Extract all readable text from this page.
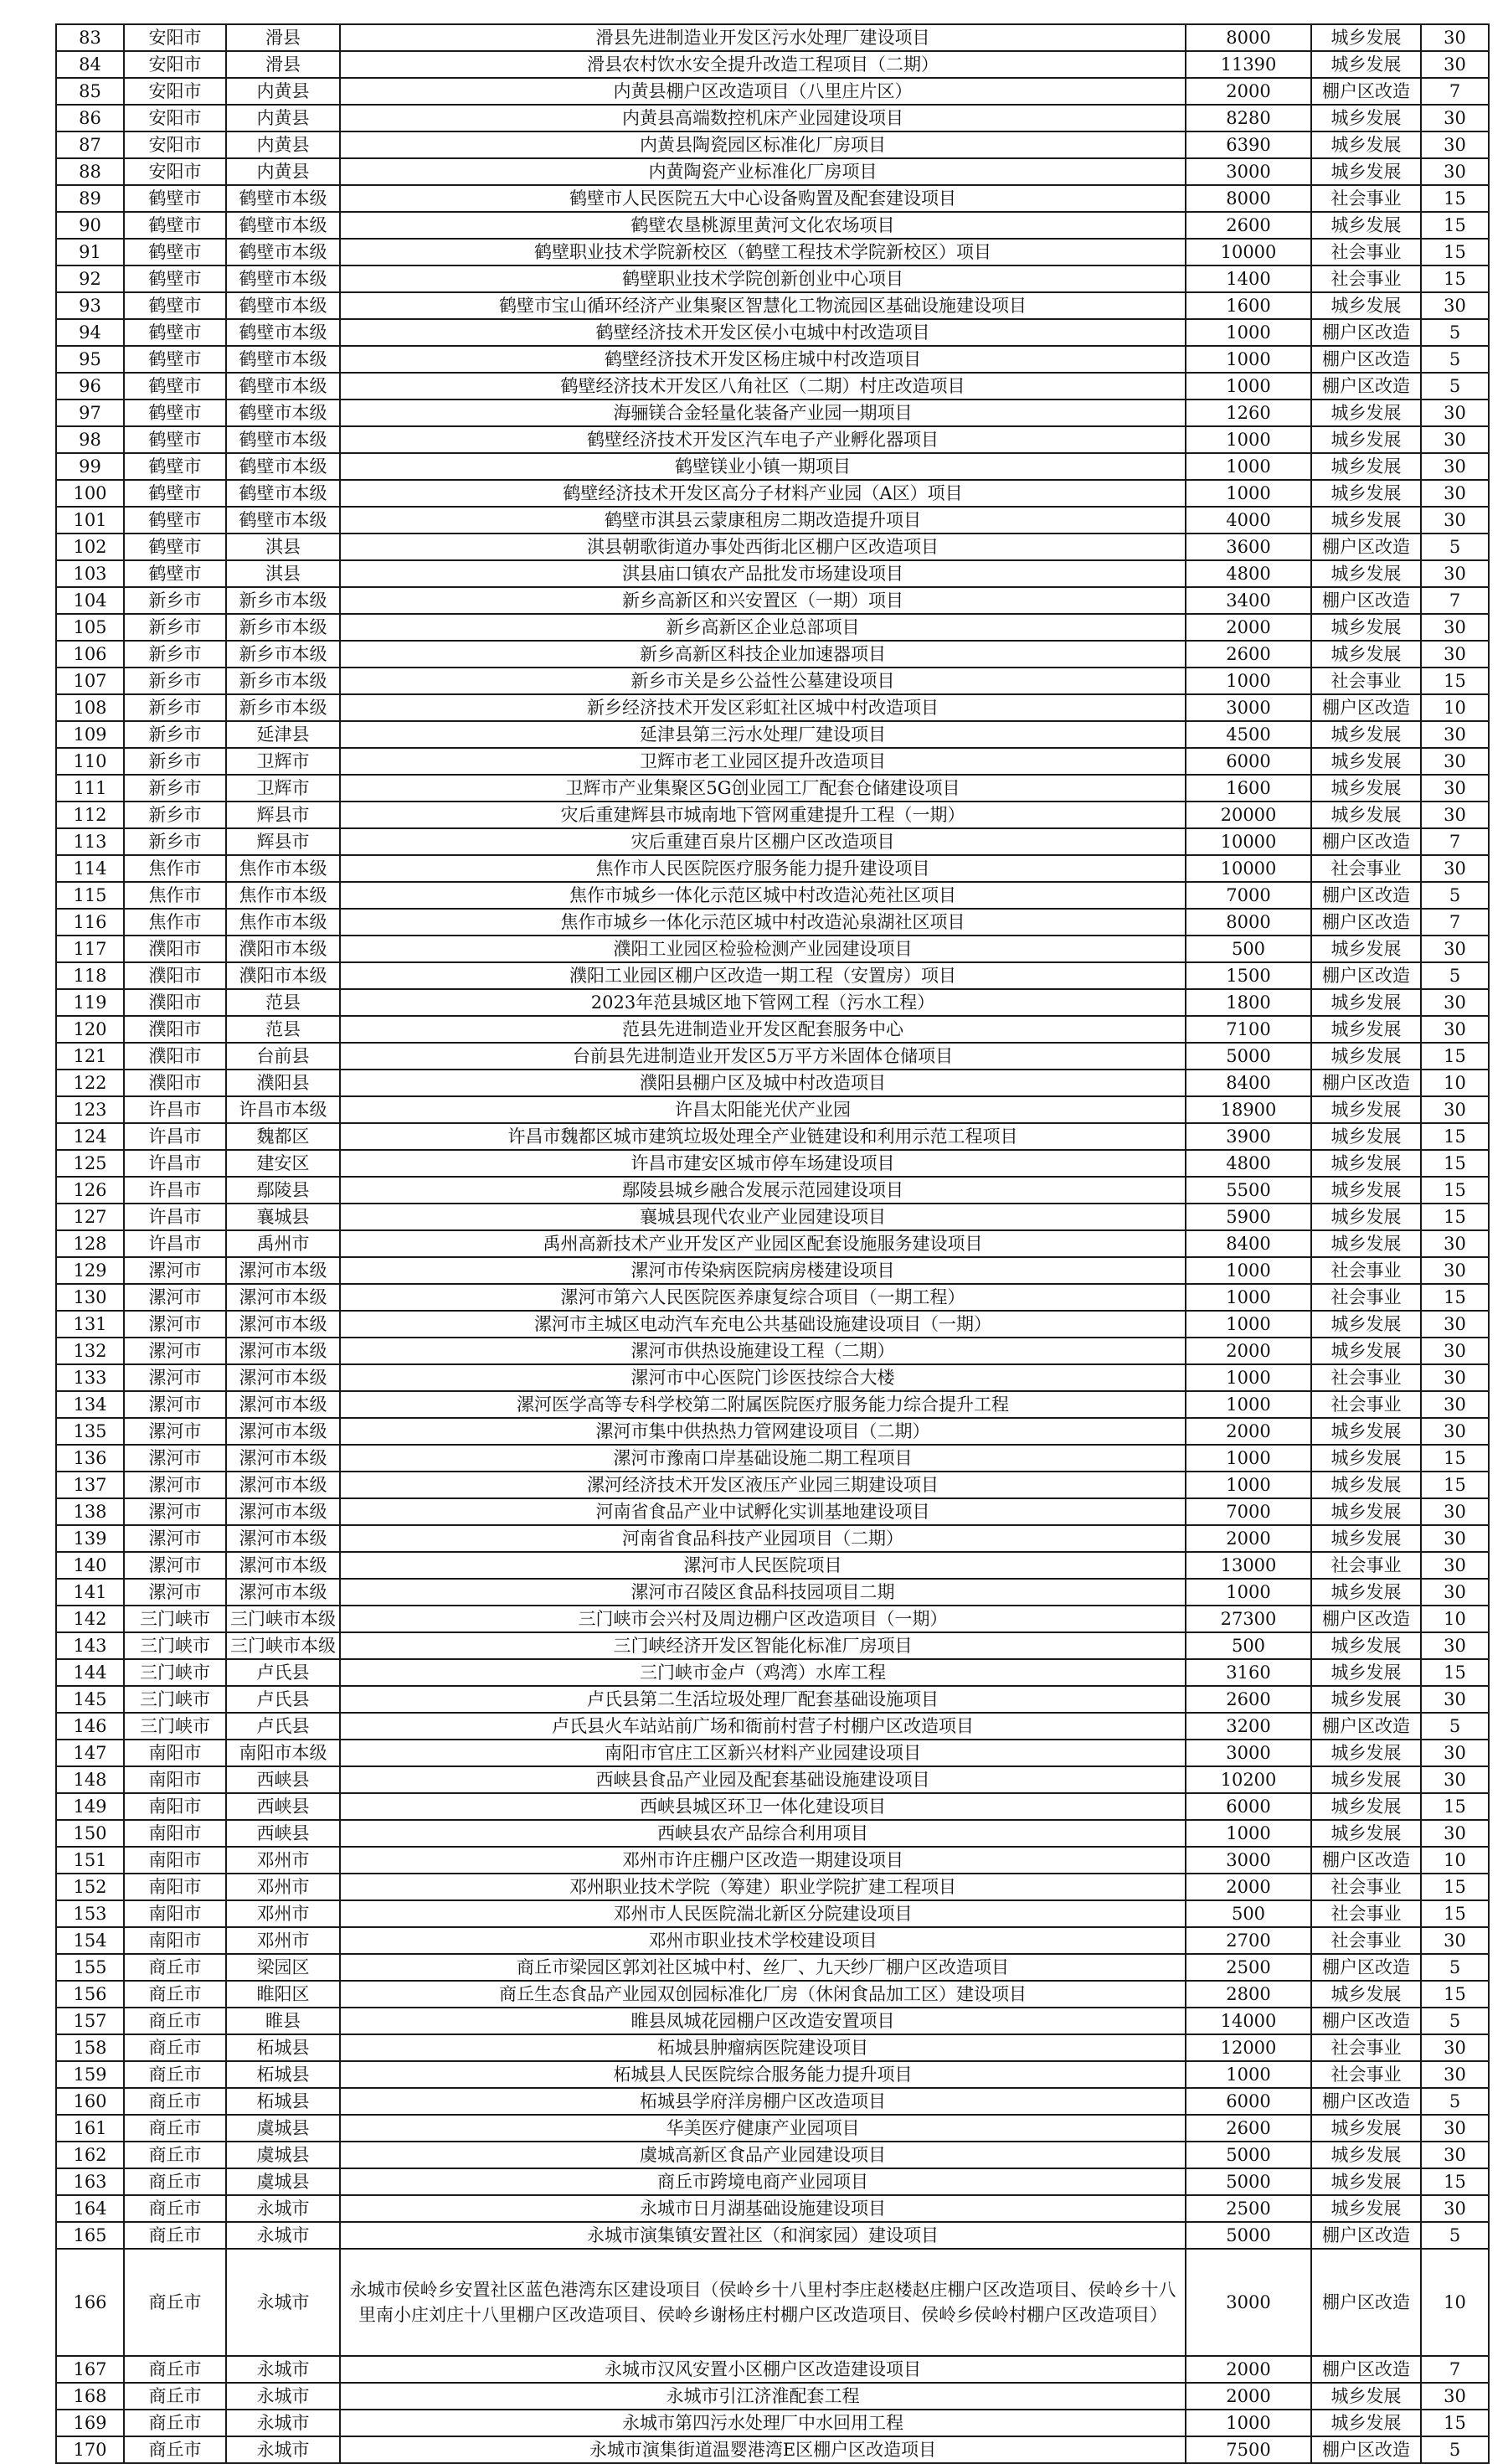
83	安阳市	滑县	滑县先进制造业开发区污水处理厂建设项目	8000	城乡发展	30
84	安阳市	滑县	滑县农村饮水安全提升改造工程项目（二期）	11390	城乡发展	30
85	安阳市	内黄县	内黄县棚户区改造项目（八里庄片区）	2000	棚户区改造	7
86	安阳市	内黄县	内黄县高端数控机床产业园建设项目	8280	城乡发展	30
87	安阳市	内黄县	内黄县陶瓷园区标准化厂房项目	6390	城乡发展	30
88	安阳市	内黄县	内黄陶瓷产业标准化厂房项目	3000	城乡发展	30
89	鹤壁市	鹤壁市本级	鹤壁市人民医院五大中心设备购置及配套建设项目	8000	社会事业	15
90	鹤壁市	鹤壁市本级	鹤壁农垦桃源里黄河文化农场项目	2600	城乡发展	15
91	鹤壁市	鹤壁市本级	鹤壁职业技术学院新校区（鹤壁工程技术学院新校区）项目	10000	社会事业	15
92	鹤壁市	鹤壁市本级	鹤壁职业技术学院创新创业中心项目	1400	社会事业	15
93	鹤壁市	鹤壁市本级	鹤壁市宝山循环经济产业集聚区智慧化工物流园区基础设施建设项目	1600	城乡发展	30
94	鹤壁市	鹤壁市本级	鹤壁经济技术开发区侯小屯城中村改造项目	1000	棚户区改造	5
95	鹤壁市	鹤壁市本级	鹤壁经济技术开发区杨庄城中村改造项目	1000	棚户区改造	5
96	鹤壁市	鹤壁市本级	鹤壁经济技术开发区八角社区（二期）村庄改造项目	1000	棚户区改造	5
97	鹤壁市	鹤壁市本级	海骊镁合金轻量化装备产业园一期项目	1260	城乡发展	30
98	鹤壁市	鹤壁市本级	鹤壁经济技术开发区汽车电子产业孵化器项目	1000	城乡发展	30
99	鹤壁市	鹤壁市本级	鹤壁镁业小镇一期项目	1000	城乡发展	30
100	鹤壁市	鹤壁市本级	鹤壁经济技术开发区高分子材料产业园（A区）项目	1000	城乡发展	30
101	鹤壁市	鹤壁市本级	鹤壁市淇县云蒙康租房二期改造提升项目	4000	城乡发展	30
102	鹤壁市	淇县	淇县朝歌街道办事处西街北区棚户区改造项目	3600	棚户区改造	5
103	鹤壁市	淇县	淇县庙口镇农产品批发市场建设项目	4800	城乡发展	30
104	新乡市	新乡市本级	新乡高新区和兴安置区（一期）项目	3400	棚户区改造	7
105	新乡市	新乡市本级	新乡高新区企业总部项目	2000	城乡发展	30
106	新乡市	新乡市本级	新乡高新区科技企业加速器项目	2600	城乡发展	30
107	新乡市	新乡市本级	新乡市关是乡公益性公墓建设项目	1000	社会事业	15
108	新乡市	新乡市本级	新乡经济技术开发区彩虹社区城中村改造项目	3000	棚户区改造	10
109	新乡市	延津县	延津县第三污水处理厂建设项目	4500	城乡发展	30
110	新乡市	卫辉市	卫辉市老工业园区提升改造项目	6000	城乡发展	30
111	新乡市	卫辉市	卫辉市产业集聚区5G创业园工厂配套仓储建设项目	1600	城乡发展	30
112	新乡市	辉县市	灾后重建辉县市城南地下管网重建提升工程（一期）	20000	城乡发展	30
113	新乡市	辉县市	灾后重建百泉片区棚户区改造项目	10000	棚户区改造	7
114	焦作市	焦作市本级	焦作市人民医院医疗服务能力提升建设项目	10000	社会事业	30
115	焦作市	焦作市本级	焦作市城乡一体化示范区城中村改造沁苑社区项目	7000	棚户区改造	5
116	焦作市	焦作市本级	焦作市城乡一体化示范区城中村改造沁泉湖社区项目	8000	棚户区改造	7
117	濮阳市	濮阳市本级	濮阳工业园区检验检测产业园建设项目	500	城乡发展	30
118	濮阳市	濮阳市本级	濮阳工业园区棚户区改造一期工程（安置房）项目	1500	棚户区改造	5
119	濮阳市	范县	2023年范县城区地下管网工程（污水工程）	1800	城乡发展	30
120	濮阳市	范县	范县先进制造业开发区配套服务中心	7100	城乡发展	30
121	濮阳市	台前县	台前县先进制造业开发区5万平方米固体仓储项目	5000	城乡发展	15
122	濮阳市	濮阳县	濮阳县棚户区及城中村改造项目	8400	棚户区改造	10
123	许昌市	许昌市本级	许昌太阳能光伏产业园	18900	城乡发展	30
124	许昌市	魏都区	许昌市魏都区城市建筑垃圾处理全产业链建设和利用示范工程项目	3900	城乡发展	15
125	许昌市	建安区	许昌市建安区城市停车场建设项目	4800	城乡发展	15
126	许昌市	鄢陵县	鄢陵县城乡融合发展示范园建设项目	5500	城乡发展	15
127	许昌市	襄城县	襄城县现代农业产业园建设项目	5900	城乡发展	15
128	许昌市	禹州市	禹州高新技术产业开发区产业园区配套设施服务建设项目	8400	城乡发展	30
129	漯河市	漯河市本级	漯河市传染病医院病房楼建设项目	1000	社会事业	30
130	漯河市	漯河市本级	漯河市第六人民医院医养康复综合项目（一期工程）	1000	社会事业	15
131	漯河市	漯河市本级	漯河市主城区电动汽车充电公共基础设施建设项目（一期）	1000	城乡发展	30
132	漯河市	漯河市本级	漯河市供热设施建设工程（二期）	2000	城乡发展	30
133	漯河市	漯河市本级	漯河市中心医院门诊医技综合大楼	1000	社会事业	30
134	漯河市	漯河市本级	漯河医学高等专科学校第二附属医院医疗服务能力综合提升工程	1000	社会事业	30
135	漯河市	漯河市本级	漯河市集中供热热力管网建设项目（二期）	2000	城乡发展	30
136	漯河市	漯河市本级	漯河市豫南口岸基础设施二期工程项目	1000	城乡发展	15
137	漯河市	漯河市本级	漯河经济技术开发区液压产业园三期建设项目	1000	城乡发展	15
138	漯河市	漯河市本级	河南省食品产业中试孵化实训基地建设项目	7000	城乡发展	30
139	漯河市	漯河市本级	河南省食品科技产业园项目（二期）	2000	城乡发展	30
140	漯河市	漯河市本级	漯河市人民医院项目	13000	社会事业	30
141	漯河市	漯河市本级	漯河市召陵区食品科技园项目二期	1000	城乡发展	30
142	三门峡市	三门峡市本级	三门峡市会兴村及周边棚户区改造项目（一期）	27300	棚户区改造	10
143	三门峡市	三门峡市本级	三门峡经济开发区智能化标准厂房项目	500	城乡发展	30
144	三门峡市	卢氏县	三门峡市金卢（鸡湾）水库工程	3160	城乡发展	15
145	三门峡市	卢氏县	卢氏县第二生活垃圾处理厂配套基础设施项目	2600	城乡发展	30
146	三门峡市	卢氏县	卢氏县火车站站前广场和衙前村营子村棚户区改造项目	3200	棚户区改造	5
147	南阳市	南阳市本级	南阳市官庄工区新兴材料产业园建设项目	3000	城乡发展	30
148	南阳市	西峡县	西峡县食品产业园及配套基础设施建设项目	10200	城乡发展	30
149	南阳市	西峡县	西峡县城区环卫一体化建设项目	6000	城乡发展	15
150	南阳市	西峡县	西峡县农产品综合利用项目	1000	城乡发展	30
151	南阳市	邓州市	邓州市许庄棚户区改造一期建设项目	3000	棚户区改造	10
152	南阳市	邓州市	邓州职业技术学院（筹建）职业学院扩建工程项目	2000	社会事业	15
153	南阳市	邓州市	邓州市人民医院湍北新区分院建设项目	500	社会事业	15
154	南阳市	邓州市	邓州市职业技术学校建设项目	2700	社会事业	30
155	商丘市	梁园区	商丘市梁园区郭刘社区城中村、丝厂、九天纱厂棚户区改造项目	2500	棚户区改造	5
156	商丘市	睢阳区	商丘生态食品产业园双创园标准化厂房（休闲食品加工区）建设项目	2800	城乡发展	15
157	商丘市	睢县	睢县凤城花园棚户区改造安置项目	14000	棚户区改造	5
158	商丘市	柘城县	柘城县肿瘤病医院建设项目	12000	社会事业	30
159	商丘市	柘城县	柘城县人民医院综合服务能力提升项目	1000	社会事业	30
160	商丘市	柘城县	柘城县学府洋房棚户区改造项目	6000	棚户区改造	5
161	商丘市	虞城县	华美医疗健康产业园项目	2600	城乡发展	30
162	商丘市	虞城县	虞城高新区食品产业园建设项目	5000	城乡发展	30
163	商丘市	虞城县	商丘市跨境电商产业园项目	5000	城乡发展	15
164	商丘市	永城市	永城市日月湖基础设施建设项目	2500	城乡发展	30
165	商丘市	永城市	永城市演集镇安置社区（和润家园）建设项目	5000	棚户区改造	5
166	商丘市	永城市	永城市侯岭乡安置社区蓝色港湾东区建设项目（侯岭乡十八里村李庄赵楼赵庄棚户区改造项目、侯岭乡十八里南小庄刘庄十八里棚户区改造项目、侯岭乡谢杨庄村棚户区改造项目、侯岭乡侯岭村棚户区改造项目）	3000	棚户区改造	10
167	商丘市	永城市	永城市汉风安置小区棚户区改造建设项目	2000	棚户区改造	7
168	商丘市	永城市	永城市引江济淮配套工程	2000	城乡发展	30
169	商丘市	永城市	永城市第四污水处理厂中水回用工程	1000	城乡发展	15
170	商丘市	永城市	永城市演集街道温婴港湾E区棚户区改造项目	7500	棚户区改造	5
